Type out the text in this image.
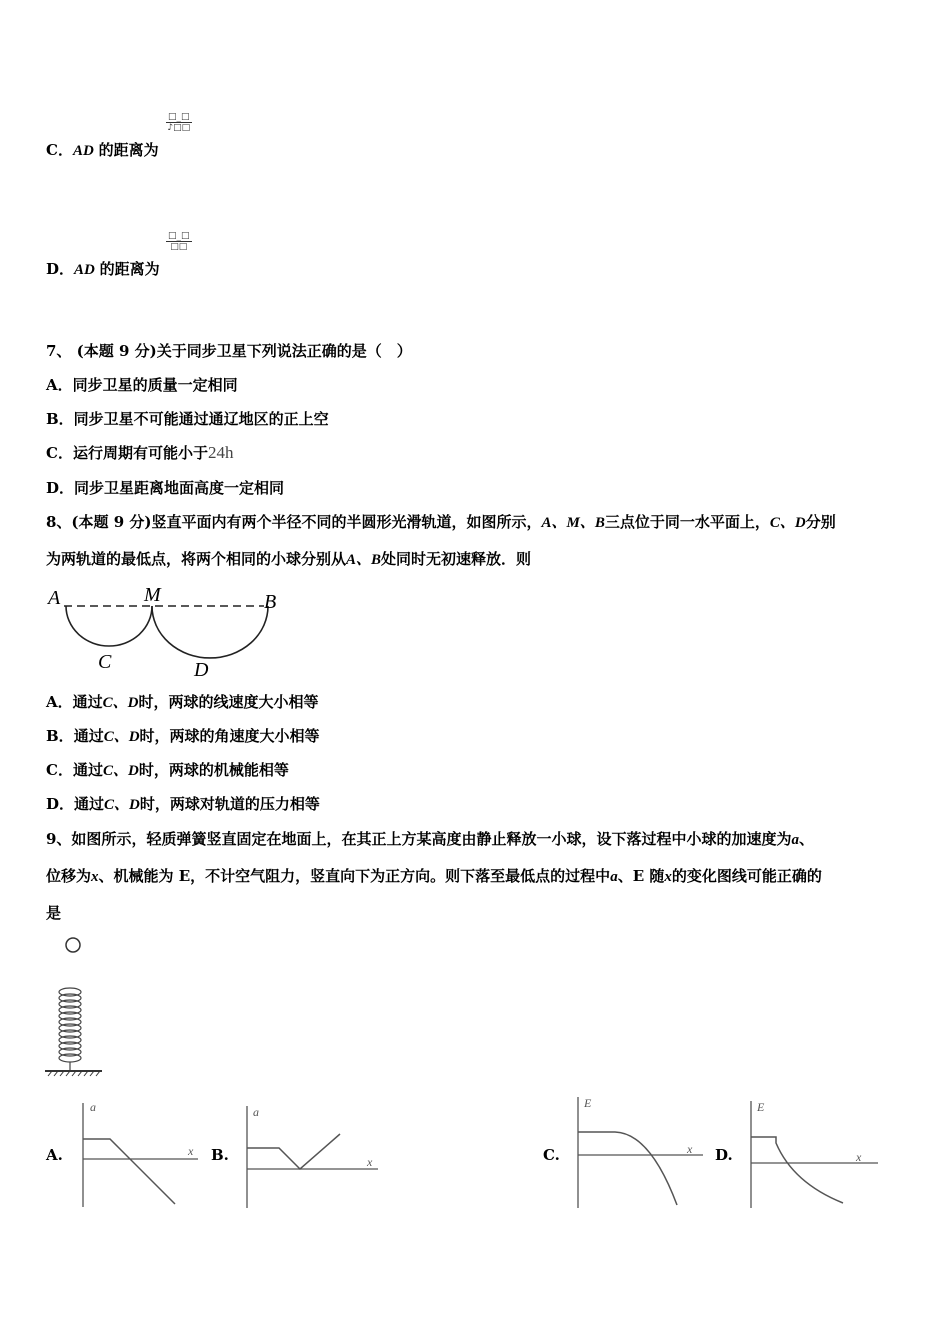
□_□
♪□□
C．AD 的距离为
□_□
□□
D．AD 的距离为
7、 (本题 9 分)关于同步卫星下列说法正确的是（　）
A．同步卫星的质量一定相同
B．同步卫星不可能通过通辽地区的正上空
C．运行周期有可能小于24h
D．同步卫星距离地面高度一定相同
8、(本题 9 分)竖直平面内有两个半径不同的半圆形光滑轨道，如图所示，A、M、B三点位于同一水平面上，C、D分别
为两轨道的最低点，将两个相同的小球分别从A、B处同时无初速释放．则
A	M	B
C	D
A．通过C、D时，两球的线速度大小相等
B．通过C、D时，两球的角速度大小相等
C．通过C、D时，两球的机械能相等
D．通过C、D时，两球对轨道的压力相等
9、如图所示，轻质弹簧竖直固定在地面上，在其正上方某高度由静止释放一小球，设下落过程中小球的加速度为a、
位移为x、机械能为 E，不计空气阻力，竖直向下为正方向。则下落至最低点的过程中a、E 随x的变化图线可能正确的
是
A.
a
x B.
a
x	C.
E
x D.
E
x
